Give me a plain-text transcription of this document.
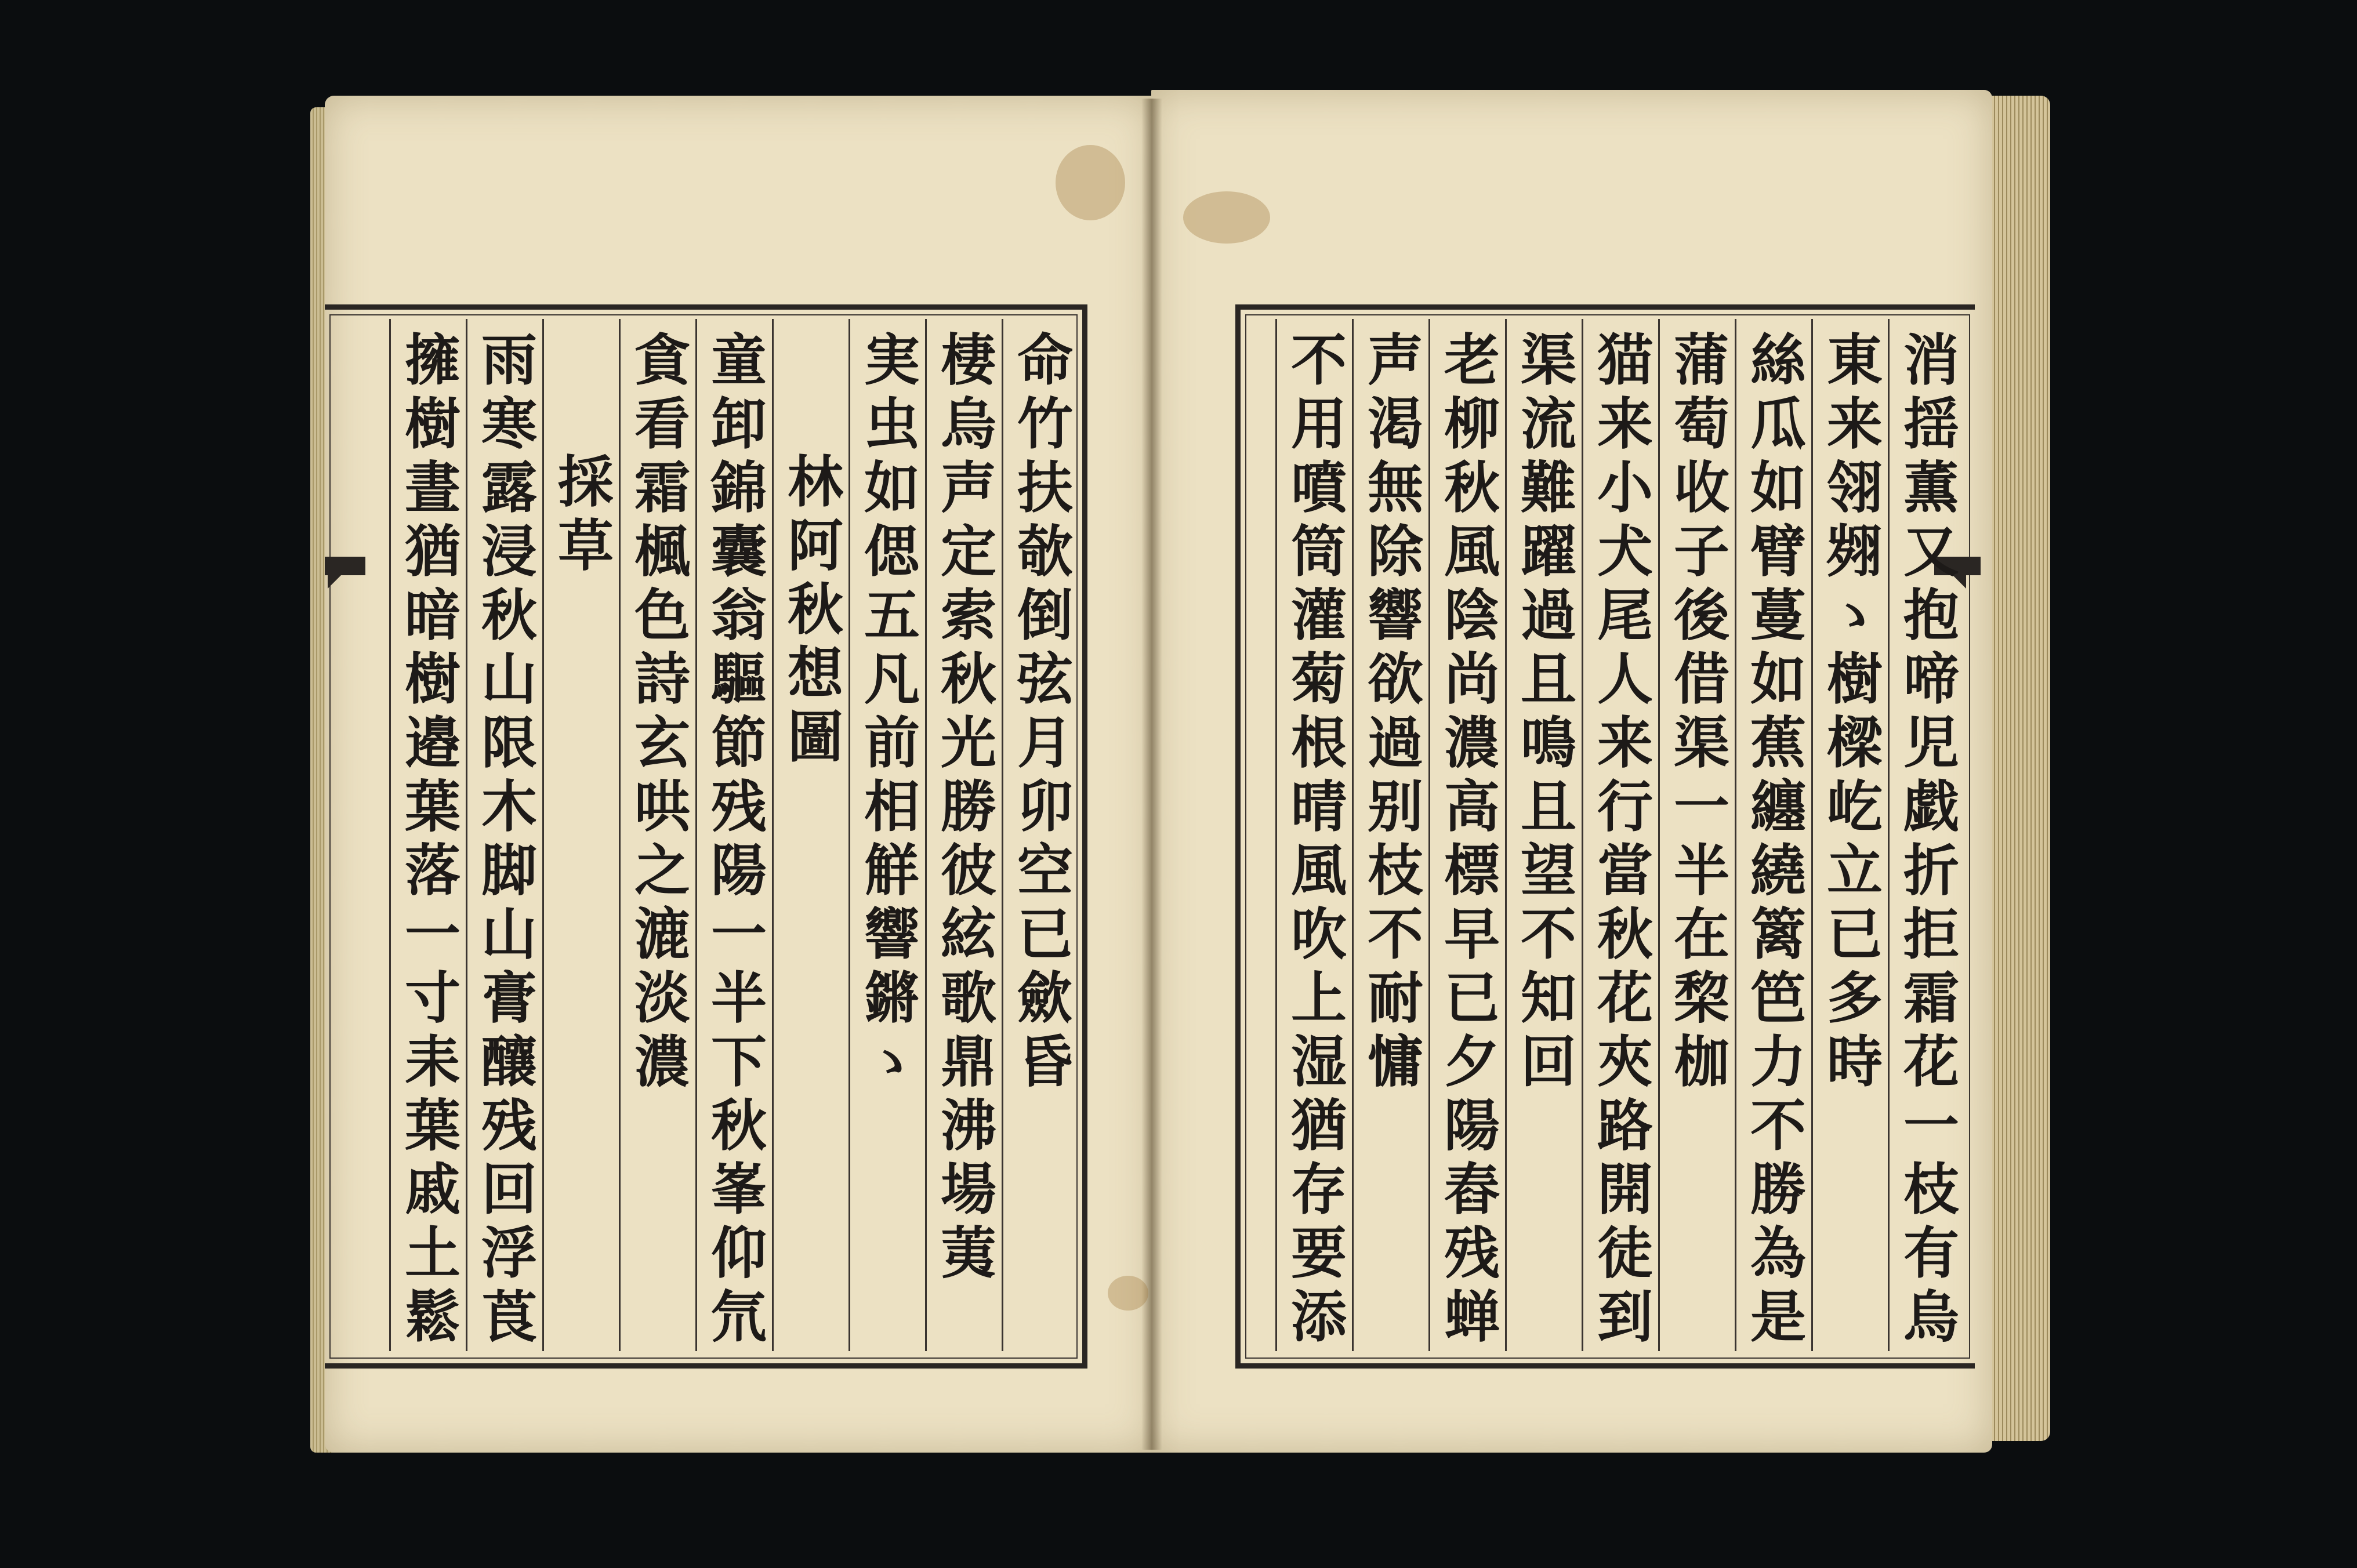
命竹扶欹倒弦月卯空已歛昏
棲烏声定索秋光勝彼絃歌鼎沸場荑
実虫如偲五凡前相觧響鏘ゝ
林阿秋想圖
童卸錦囊翁驅節残陽一半下秋峯仰氘
貪看霜楓色詩玄哄之漉淡濃
採草
雨寒露浸秋山限木脚山膏釀残回浮莨
擁樹晝猶暗樹邉葉落一寸耒葉戚土鬆	消揺薫又抱啼児戯折拒霜花一枝有烏
東来翎翙ゝ樹樑屹立已多時
絲瓜如臂蔓如蕉纏繞篱笆力不勝為是
蒲萄收子後借渠一半在棃枷
猫来小犬尾人来行當秋花夾路開徒到
渠流難躍過且鳴且望不知回
老柳秋風陰尚濃高標早已夕陽舂残蝉
声渇無除響欲過别枝不耐慵
不用噴筒灌菊根晴風吹上湿猶存要添
